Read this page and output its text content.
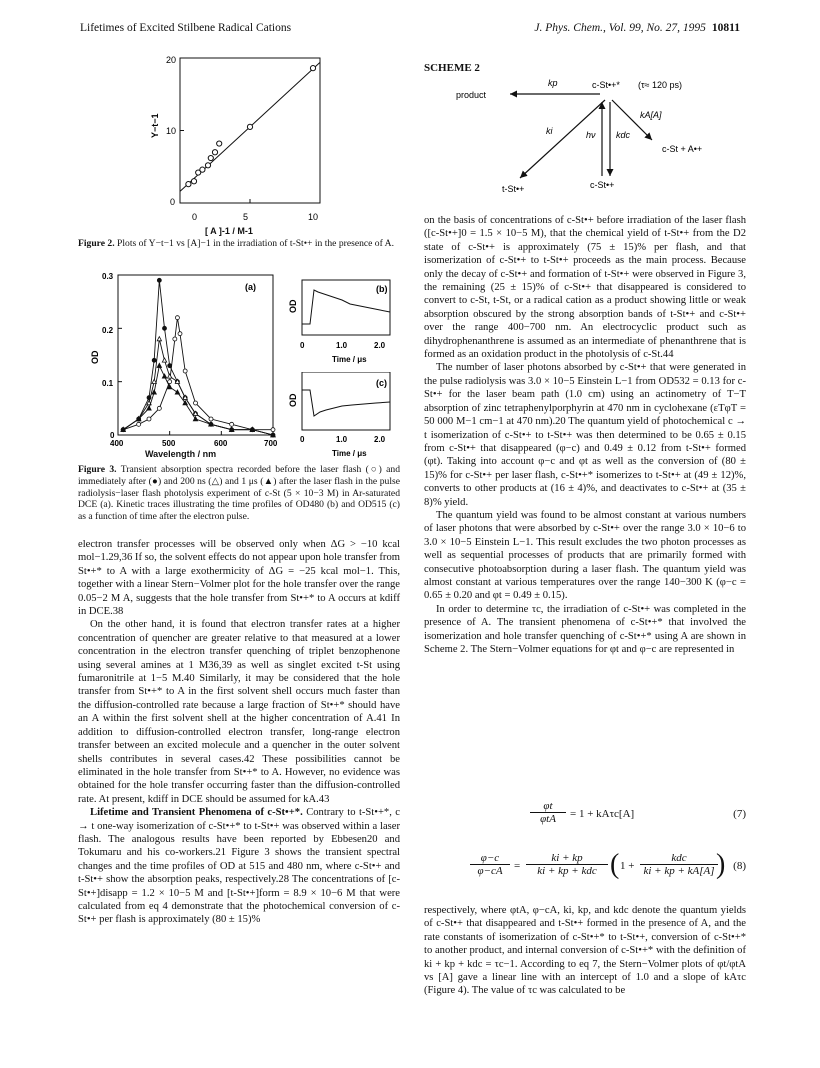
Lifetimes of Excited Stilbene Radical Cations	J. Phys. Chem., Vol. 99, No. 27, 1995 10811
0	5	10
0
10
20
Y−t−1
[ A ]-1 / M-1
Figure 2. Plots of Y−t−1 vs [A]−1 in the irradiation of t-St•+ in the presence of A.
0.3
0.2
0.1
0
OD
(a)
400	500	600	700
Wavelength / nm
(b)
OD
0	1.0	2.0
Time / μs
(c)
OD
0	1.0	2.0
Time / μs
Figure 3. Transient absorption spectra recorded before the laser flash (○) and immediately after (●) and 200 ns (△) and 1 μs (▲) after the laser flash in the pulse radiolysis−laser flash photolysis experiment of c-St (5 × 10−3 M) in Ar-saturated DCE (a). Kinetic traces illustrating the time profiles of OD480 (b) and OD515 (c) as a function of time after the electron pulse.

electron transfer processes will be observed only when ΔG > −10 kcal mol−1.29,36 If so, the solvent effects do not appear upon hole transfer from St•+* to A with a large exothermicity of ΔG = −25 kcal mol−1. This, together with a linear Stern−Volmer plot for the hole transfer over the range 0.05−2 M A, suggests that the hole transfer from St•+* to A occurs at kdiff in DCE.38

On the other hand, it is found that electron transfer rates at a higher concentration of quencher are greater relative to that measured at a lower concentration in the electron transfer quenching of triplet benzophenone using several amines at 1 M36,39 as well as singlet excited t-St using fumaronitrile at 1−5 M.40 Similarly, it may be considered that the hole transfer from St•+* to A in the first solvent shell occurs much faster than the diffusion-controlled rate because a large fraction of St•+* should have an A within the first solvent shell at the higher concentration of A.41 In addition to diffusion-controlled electron transfer, long-range electron transfer between an excited molecule and a quencher in the outer solvent shells contributes in several cases.42 These possibilities cannot be eliminated in the hole transfer from St•+* to A. However, no evidence was obtained for the hole transfer occurring faster than the diffusion-controlled rate. At present, kdiff in DCE should be assumed for kA.43

Lifetime and Transient Phenomena of c-St•+*. Contrary to t-St•+*, c → t one-way isomerization of c-St•+* to t-St•+ was observed within a laser flash. The analogous results have been reported by Ebbesen20 and Tokumaru and his co-workers.21 Figure 3 shows the transient spectral changes and the time profiles of OD at 515 and 480 nm, where c-St•+ and t-St•+ show the absorption peaks, respectively.28 The concentrations of [c-St•+]disapp = 1.2 × 10−5 M and [t-St•+]form = 8.9 × 10−6 M that were calculated from eq 4 demonstrate that the photochemical conversion of c-St•+ per flash is approximately (80 ± 15)%

SCHEME 2
product
kp	c-St•+* (τ≈ 120 ps)
kA[A]
ki	hν kdc
c-St + A•+
t-St•+	c-St•+

on the basis of concentrations of c-St•+ before irradiation of the laser flash ([c-St•+]0 = 1.5 × 10−5 M), that the chemical yield of t-St•+ from the D2 state of c-St•+ is approximately (75 ± 15)% per flash, and that isomerization of c-St•+ to t-St•+ proceeds as the main process. Because only the decay of c-St•+ and formation of t-St•+ were observed in Figure 3, the remaining (25 ± 15)% of c-St•+ that disappeared is considered to convert to c-St, t-St, or a radical cation as a product showing little or weak absorption obscured by the strong absorption bands of t-St•+ and c-St•+ over the range 400−700 nm. An electrocyclic product such as dihydrophenanthrene is assumed as an intermediate of phenanthrene that is formed as an oxidation product in the photolysis of c-St.44

The number of laser photons absorbed by c-St•+ that were generated in the pulse radiolysis was 3.0 × 10−5 Einstein L−1 from OD532 = 0.13 for c-St•+ for the laser beam path (1.0 cm) using an actinometry of T−T absorption of zinc tetraphenylporphyrin at 470 nm in cyclohexane (εTφT = 50 000 M−1 cm−1 at 470 nm).20 The quantum yield of photochemical c → t isomerization of c-St•+ to t-St•+ was then determined to be 0.65 ± 0.15 from c-St•+ that disappeared (φ−c) and 0.49 ± 0.12 from t-St•+ formed (φt). Taking into account φ−c and φt as well as the conversion of (80 ± 15)% for c-St•+ per laser flash, c-St•+* isomerizes to t-St•+ at (49 ± 12)%, converts to other products at (16 ± 4)%, and deactivates to c-St•+ at (35 ± 8)% yield.

The quantum yield was found to be almost constant at various numbers of laser photons that were absorbed by c-St•+ over the range 3.0 × 10−6 to 3.0 × 10−5 Einstein L−1. This result excludes the two photon processes as well as sequential processes of products that are primarily formed with consecutive photoabsorption during a laser flash. The quantum yield was almost constant at various temperatures over the range 140−300 K (φ−c = 0.65 ± 0.20 and φt = 0.49 ± 0.15).

In order to determine τc, the irradiation of c-St•+ was completed in the presence of A. The transient phenomena of c-St•+* that involved the isomerization and hole transfer quenching of c-St•+* using A are shown in Scheme 2. The Stern−Volmer equations for φt and φ−c are represented in

φt
φtA	= 1 + kAτc[A]	(7)
$\frac{\varphi-c}{\varphi-cA}$ =
ki + kp
ki + kp + kdc ( 1 +
kdc
ki + kp + kA[A] ) (8)

respectively, where φtA, φ−cA, ki, kp, and kdc denote the quantum yields of c-St•+ that disappeared and t-St•+ formed in the presence of A, and the rate constants of isomerization of c-St•+* to t-St•+, conversion of c-St•+* to another product, and internal conversion of c-St•+* with the definition of ki + kp + kdc = τc−1. According to eq 7, the Stern−Volmer plots of φt/φtA vs [A] gave a linear line with an intercept of 1.0 and a slope of kAτc (Figure 4). The value of τc was calculated to be
